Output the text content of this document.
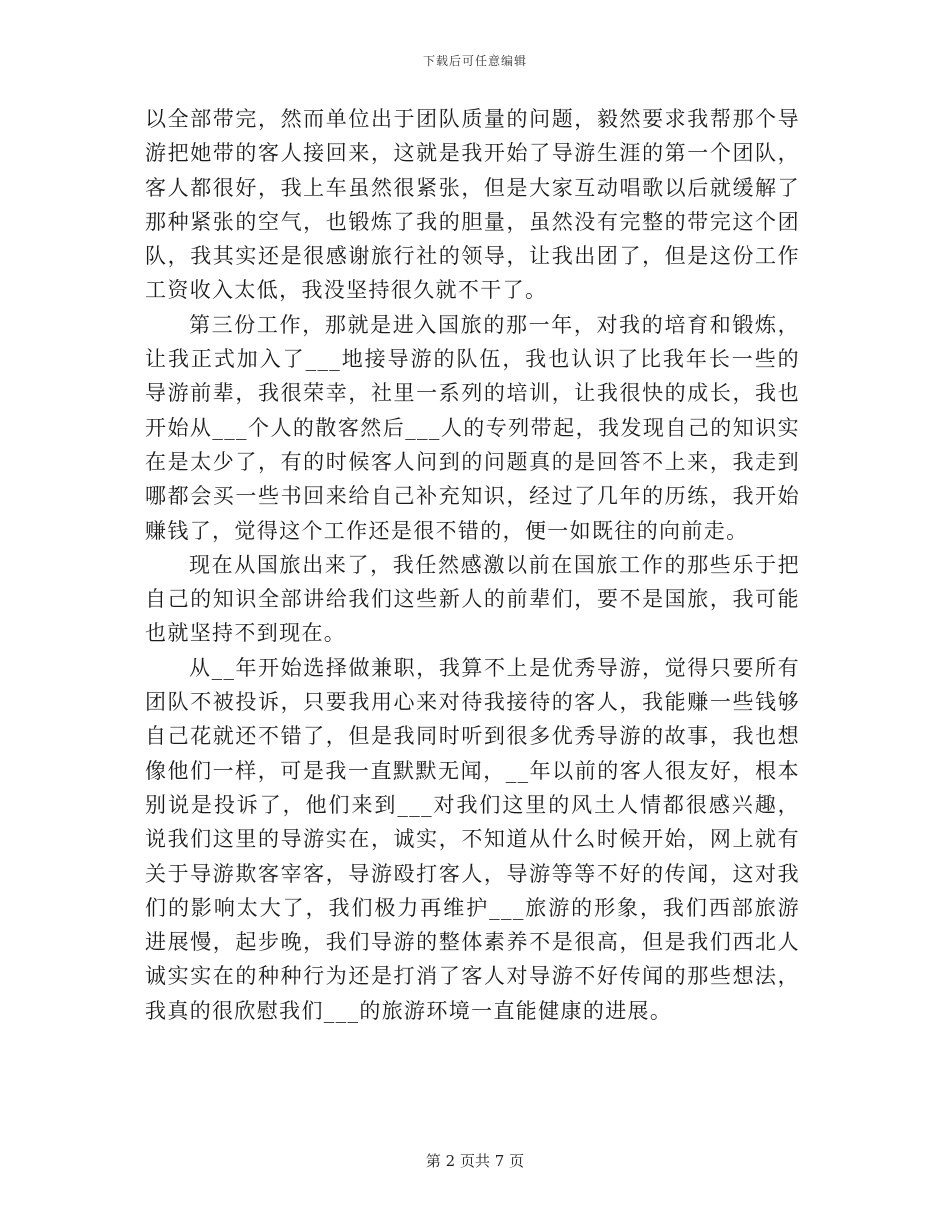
下载后可任意编辑

以全部带完，然而单位出于团队质量的问题，毅然要求我帮那个导游把她带的客人接回来，这就是我开始了导游生涯的第一个团队，客人都很好，我上车虽然很紧张，但是大家互动唱歌以后就缓解了那种紧张的空气，也锻炼了我的胆量，虽然没有完整的带完这个团队，我其实还是很感谢旅行社的领导，让我出团了，但是这份工作工资收入太低，我没坚持很久就不干了。

第三份工作，那就是进入国旅的那一年，对我的培育和锻炼，让我正式加入了___地接导游的队伍，我也认识了比我年长一些的导游前辈，我很荣幸，社里一系列的培训，让我很快的成长，我也开始从___个人的散客然后___人的专列带起，我发现自己的知识实在是太少了，有的时候客人问到的问题真的是回答不上来，我走到哪都会买一些书回来给自己补充知识，经过了几年的历练，我开始赚钱了，觉得这个工作还是很不错的，便一如既往的向前走。

现在从国旅出来了，我任然感激以前在国旅工作的那些乐于把自己的知识全部讲给我们这些新人的前辈们，要不是国旅，我可能也就坚持不到现在。

从__年开始选择做兼职，我算不上是优秀导游，觉得只要所有团队不被投诉，只要我用心来对待我接待的客人，我能赚一些钱够自己花就还不错了，但是我同时听到很多优秀导游的故事，我也想像他们一样，可是我一直默默无闻，__年以前的客人很友好，根本别说是投诉了，他们来到___对我们这里的风土人情都很感兴趣，说我们这里的导游实在，诚实，不知道从什么时候开始，网上就有关于导游欺客宰客，导游殴打客人，导游等等不好的传闻，这对我们的影响太大了，我们极力再维护___旅游的形象，我们西部旅游进展慢，起步晚，我们导游的整体素养不是很高，但是我们西北人诚实实在的种种行为还是打消了客人对导游不好传闻的那些想法，我真的很欣慰我们___的旅游环境一直能健康的进展。

第 2 页共 7 页
